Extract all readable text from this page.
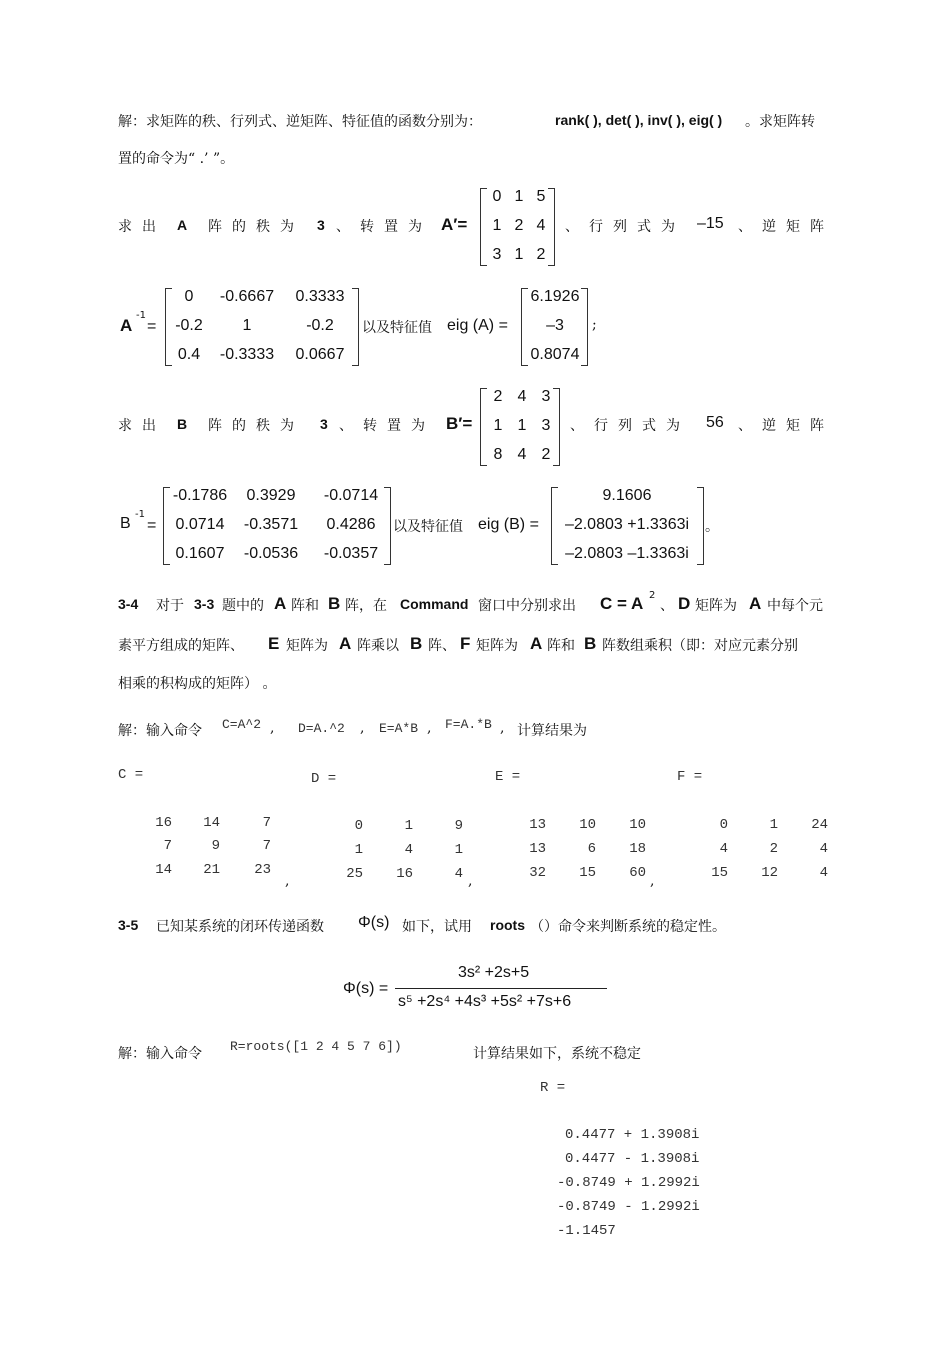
解：求矩阵的秩、行列式、逆矩阵、特征值的函数分别为：	rank( ), det( ), inv( ), eig( ) 。求矩阵转
置的命令为“ .’ ”。
求出 A 阵的秩为 3 、转置为 A′=
0 1 5
1 2 4
3 1 2
、行列式为 –15 、逆矩阵
A
-1
=
0	-0.6667	0.3333
-0.2	1	-0.2
0.4	-0.3333	0.0667
以及特征值 eig (A) =
6.1926
–3
0.8074
;
求出 B 阵的秩为 3 、转置为 B′=
2 4 3
1 1 3
8 4 2
、行列式为 56 、逆矩阵
B
-1
=
-0.1786	0.3929	-0.0714
0.0714	-0.3571	0.4286
0.1607	-0.0536	-0.0357
以及特征值 eig (B) =
9.1606
–2.0803 +1.3363i
–2.0803 –1.3363i
。
3-4 对于 3-3 题中的 A 阵和 B 阵，在 Command 窗口中分别求出 C = A 2
、 D 矩阵为 A 中每个元
素平方组成的矩阵、 E 矩阵为 A 阵乘以 B 阵、 F 矩阵为 A 阵和 B 阵数组乘积（即：对应元素分别
相乘的积构成的矩阵） 。
解：输入命令 C=A^2 , D=A.^2 , E=A*B , F=A.*B , 计算结果为
C =	D =	E =	F =
16	14	7
7	9	7
14	21	23
0	1	9
1	4	1
25	16	4
13	10	10
13	6	18
32	15	60
0	1	24
4	2	4
15	12	4
,	,	,
3-5 已知某系统的闭环传递函数 Φ(s) 如下，试用 roots （）命令来判断系统的稳定性。
Φ(s) =
3s² +2s+5
s⁵ +2s⁴ +4s³ +5s² +7s+6
解：输入命令 R=roots([1 2 4 5 7 6])	计算结果如下，系统不稳定
R =
0.4477 + 1.3908i
0.4477 - 1.3908i
-0.8749 + 1.2992i
-0.8749 - 1.2992i
-1.1457
